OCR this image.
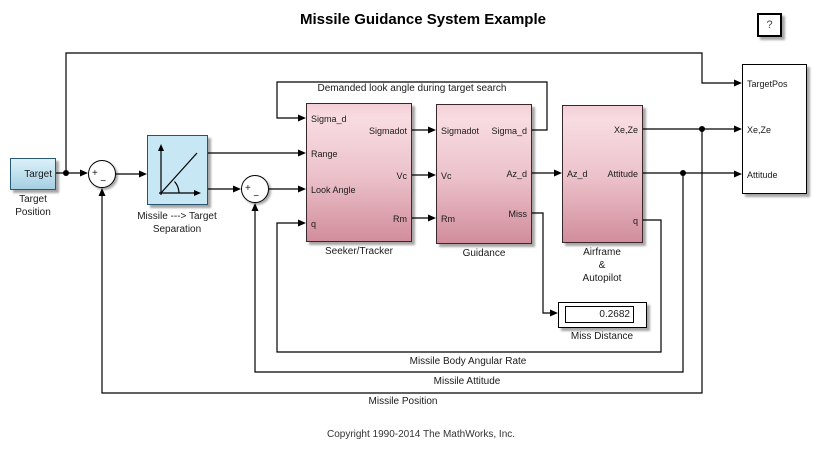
Missile Guidance System Example	?
Target
Target
Position
+
−
Missile ---> Target
Separation
+
−
Sigma_d
Range
Look Angle
q
Sigmadot
Vc
Rm
Seeker/Tracker
Sigmadot
Vc
Rm
Sigma_d
Az_d
Miss
Guidance
Az_d
Xe,Ze
Attitude
q
Airframe
&
Autopilot
TargetPos
Xe,Ze
Attitude
0.2682
Miss Distance
Demanded look angle during target search
Missile Body Angular Rate
Missile Attitude
Missile Position
Copyright 1990-2014 The MathWorks, Inc.
